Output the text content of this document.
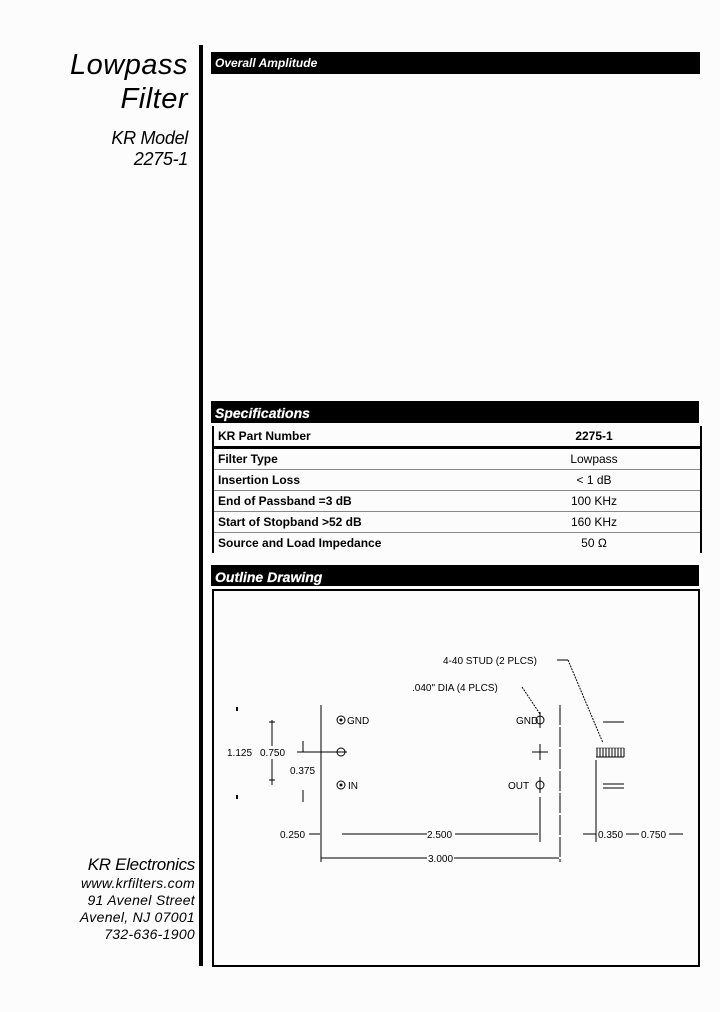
Lowpass
Filter
KR Model
2275-1
Overall Amplitude
Specifications
KR Part Number	2275-1
Filter Type	Lowpass
Insertion Loss	< 1 dB
End of Passband =3 dB	100 KHz
Start of Stopband >52 dB	160 KHz
Source and Load Impedance	50 Ω
Outline Drawing
4-40 STUD (2 PLCS)
.040" DIA (4 PLCS)
1.125 0.750
0.375
GND
IN
GND
OUT
0.250	2.500
3.000
0.350 0.750
KR Electronics
www.krfilters.com
91 Avenel Street
Avenel, NJ 07001
732-636-1900
